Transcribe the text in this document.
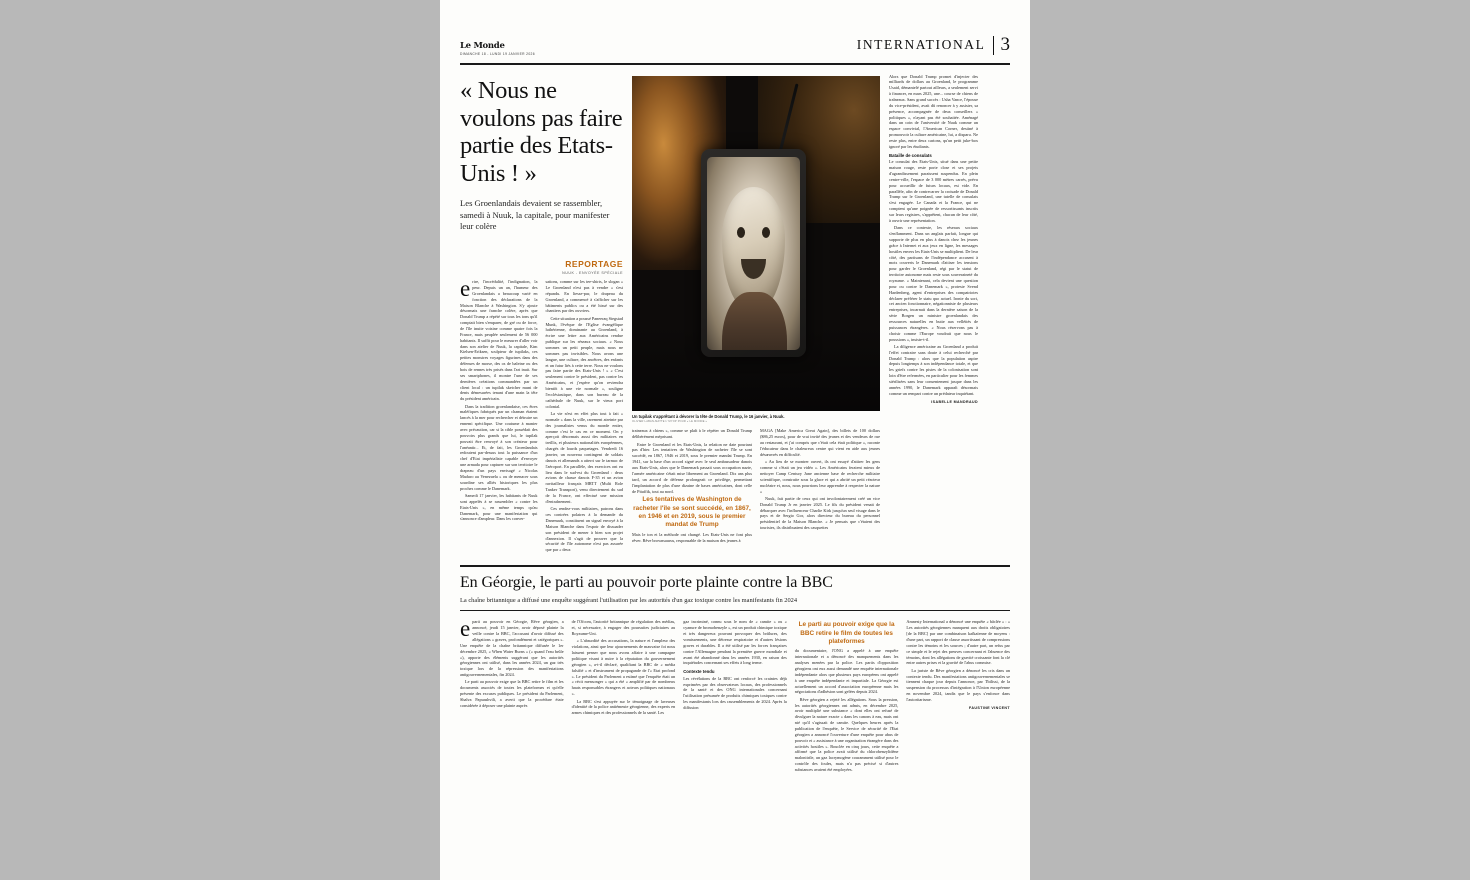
Le Monde
DIMANCHE 18 - LUNDI 19 JANVIER 2026
INTERNATIONAL 3
« Nous ne voulons pas faire partie des Etats-Unis ! »
Les Groenlandais devaient se rassembler, samedi à Nuuk, la capitale, pour manifester leur colère
REPORTAGE
NUUK - ENVOYÉE SPÉCIALE

erire, l'incrédulité, l'indignation, la peur. Depuis un an, l'humeur des Groenlandais a beaucoup varié en fonction des déclarations de la Maison Blanche à Washington. S'y ajoute désormais une franche colère, après que Donald Trump a répété sur tous les tons qu'il comptait bien s'emparer, de gré ou de force, de l'île inuite voisine comme quatre fois la France, mais peuplée seulement de 56 000 habitants. Il suffit pour le mesurer d'aller voir dans son atelier de Nuuk, la capitale, Kim Kielsen-Eriksen, sculpteur de tupilaks, ces petites monstres voyages figurines dans des défenses de morse, des os de baleine ou des bois de rennes très prisés dans l'art inuit. Sur ses smartphones, il montre l'une de ses dernières créations commandées par un client local : un tupilak sketcher muni de dents démesurées tenant d'une main la tête du président américain.

Dans la tradition groenlandaise, ces êtres maléfiques fabriqués par un chaman étaient lancés à la mer pour rechercher et détruire un ennemi spécifique. Une coutume à manier avec précaution, car si la cible possédait des pouvoirs plus grands que lui, le tupilak pouvait être renvoyé à son créateur pour l'anéantir... Et, de fait, les Groenlandais redoutent par-dessus tout la puissance d'un chef d'Etat impérialiste capable d'envoyer une armada pour capturer sur son territoire le drapeau d'un pays envisagé « Nicolas Maduro au Venezuela » ou de menacer sous sourdine ses alliés historiques les plus proches comme le Danemark.

Samedi 17 janvier, les habitants de Nuuk sont appelés à se rassembler « contre les Etats-Unis », en même temps qu'au Danemark, pour une manifestation qui s'annonce d'ampleur. Dans les conver-

sations, comme sur les tee-shirts, le slogan « Le Groenland n'est pas à vendre » s'est répandu. En liesse-pur, le drapeau du Groenland, a commencé à s'afficher sur les bâtiments publics ou a été hissé sur des chantiers par des ouvriers.

Cette situation a poussé Paneeraq Siegstad Munk, l'évêque de l'Eglise évangélique luthérienne, dominante au Groenland, à écrire une lettre aux Américains rendue publique sur les réseaux sociaux. « Nous sommes un petit peuple, mais nous ne sommes pas invisibles. Nous avons une langue, une culture, des ancêtres, des enfants et un futur liés à cette terre. Nous ne voulons pas faire partie des Etats-Unis ! » « C'est seulement contre le président, pas contre les Américains, et j'espère qu'on reviendra bientôt à une vie normale », souligne l'ecclésiastique, dans son bureau de la cathédrale de Nuuk, sur le vieux port colonial.

La vie n'est en effet plus tout à fait « normale » dans la ville, rarement atreinte par des journalistes venus du monde entier, comme c'est le cas en ce moment. On y aperçoit désormais aussi des militaires en treillis, et plusieurs nationalités européennes, chargés de lourds paquetages. Vendredi 16 janvier, un nouveau contingent de soldats danois et allemands a atterri sur le tarmac de l'aéroport. En parallèle, des exercices ont eu lieu dans le sud-est du Groenland : deux avions de chasse danois F-35 et un avion ravitailleur français MRTT (Multi Role Tanker Transport), venu directement du sud de la France, ont effectué une mission d'entraînement.

Ces rendez-vous militaires, patrons dans ces contrées polaires à la demande du Danemark, constituent un signal envoyé à la Maison Blanche dans l'espoir de dissuader son président de mener à bien son projet d'annexion. Il s'agit de prouver que la sécurité de l'île autonome n'est pas assurée que par « deux

Un tupilak s'apprêtant à dévorer la tête de Donald Trump, le 16 janvier, à Nuuk.
OLIVIER LABAN-MATTEI / MYOP POUR « LE MONDE »

traineaux à chiens », comme se plaît à le répéter un Donald Trump délibérément méprisant.

Entre le Groenland et les Etats-Unis, la relation ne date pourtant pas d'hier. Les tentatives de Washington de racheter l'île se sont succédé, en 1867, 1946 et 2019, sous le premier mandat Trump. En 1941, sur la base d'un accord signé avec le seul ambassadeur danois aux Etats-Unis, alors que le Danemark passait sous occupation nazie, l'armée américaine s'était mise librement au Groenland. Dix ans plus tard, un accord de défense prolongeait ce privilège, permettant l'implantation de plus d'une dizaine de bases américaines, dont celle de Pituffik, tout au nord.

Les tentatives de Washington de racheter l'île se sont succédé, en 1867, en 1946 et en 2019, sous le premier mandat de Trump

Mais le ton et la méthode ont changé. Les Etats-Unis ne font plus rêver. Rêve brownsaurus, responsable de la maison des jeunes à

MAGA [Make America Great Again], des billets de 100 dollars ($86,25 euros), pour de vrai invité des jeunes et des vendeurs de rue au restaurant, et j'ai compris que c'était cela était politique », raconte l'éducateur dans le chaleureux centre qui vient en aide aux jeunes désœuvrés en difficulté.

« Au lieu de se montrer ouvert, ils ont essayé d'attirer les gens comme si c'était un jeu vidéo ». Les Américains feraient mieux de nettoyer Camp Century June ancienne base de recherche militaire scientifique, construite sous la glace et qui a abrité un petit réacteur nucléaire et, nous, nous pourrions leur apprendre à respecter la nature »

Nuuk, fait partie de ceux qui ont involontairement créé un vice Donald Trump Jr en janvier 2025. Le fils du président venait de débarquer avec l'influenceur Charlie Kirk jusqu'un seul visage dans le pays et de Sergio Gor, alors directeur du bureau du personnel présidentiel de la Maison Blanche. « Je pensais que c'étaient des touristes, ils distribuaient des casquettes

Alors que Donald Trump promet d'injecter des milliards de dollars au Groenland, le programme Usaid, démantelé partout ailleurs, a seulement servi à financer, en mars 2025, une... course de chiens de traîneaux. Sans grand succès : Usha Vance, l'épouse du vice-président, avait dû renoncer à y assister, sa présence, accompagnée de deux conseillers « politiques », n'ayant pas été souhaitée. Aménagé dans un coin de l'université de Nuuk comme un espace convivial, l'American Corner, destiné à promouvoir la culture américaine, lui, a disparu. Ne reste plus, entre deux carions, qu'un petit juke-box ignoré par les étudiants.

Bataille de consulats

Le consulat des Etats-Unis, situé dans une petite maison rouge, reste porte close et ses projets d'agrandissement paraissent suspendus. En plein centre-ville, l'espace de 3 000 mètres carrés, prévu pour accueillir de futurs locaux, est vide. En parallèle, afin de contrecarrer la croisade de Donald Trump sur le Groenland, une tutelle de consulats s'est engagée. Le Canada et la France, qui ne comptent qu'une poignée de ressortissants inscrits sur leurs registres, s'apprêtent, chacun de leur côté, à ouvrir une représentation.

Dans ce contexte, les réseaux sociaux s'enflamment. Dans un anglais parfait, longue qui supporte de plus en plus à danois chez les jeunes grâce à Internet et aux jeux en ligne, les messages hostiles envers les Etats-Unis se multiplient. De leur côté, des partisans de l'indépendance accusent à mots couverts le Danemark d'attiser les tensions pour garder le Groenland, régi par le statut de territoire autonome mais reste sous souveraineté du royaume. « Maintenant, cela devient une question pour ou contre le Danemark », proteste Svend Hardenberg, agent d'entreprises des compatriotes déclarer préférer le statu quo actuel. Ironie du sort, cet ancien fonctionnaire, négationniste de plusieurs entreprises, incarnait dans la dernière saison de la série Borgen un ministre groenlandais des ressources naturelles en butte aux velléités de puissances étrangères. « Nous réservons pas à choisir comme l'Europe voudrait que nous le poussions », insiste-t-il.

La diligence américaine au Groenland a produit l'effet contraire sans doute à celui recherché par Donald Trump : alors que la population aspire depuis longtemps à son indépendance totale, et que les griefs contre les pistes de la colonisation sont loin d'être refermées, en particulier pour les femmes stérilisées sans leur consentement jusque dans les années 1990, le Danemark apparaît désormais comme un rempart contre un prédateur inquiétant.

ISABELLE MANDRAUD
En Géorgie, le parti au pouvoir porte plainte contre la BBC
La chaîne britannique a diffusé une enquête suggérant l'utilisation par les autorités d'un gaz toxique contre les manifestants fin 2024

eparti au pouvoir en Géorgie, Rêve géorgien, a annoncé, jeudi 15 janvier, avoir déposé plainte la veille contre la BBC, l'accusant d'avoir diffusé des allégations « graves, profondément et catégoriques ». Une enquête de la chaîne britannique diffusée le 1er décembre 2025, « When Water Burns » (« quand l'eau brûle »), apporte des éléments suggérant que les autorités géorgiennes ont utilisé, dans les années 2024, un gaz très toxique lors de la répression des manifestations antigouvernementales, fin 2024.

Le parti au pouvoir exige que la BBC retire le film et les documents associés de toutes les plateformes et qu'elle présente des excuses publiques. Le président du Parlement, Shalva Papuashvili, a averti que la procédure étaie considérée à déposer une plainte auprès

de l'Ofcom, l'autorité britannique de régulation des médias, et, si nécessaire, à engager des poursuites judiciaires au Royaume-Uni.

« L'absurdité des accusations, la nature et l'ampleur des violations, ainsi que leur ajournements de mauvaise foi nous laissent penser que nous avons affaire à une campagne politique visant à nuire à la réputation du gouvernement géorgien », a-t-il déclaré, qualifiant la BBC de « média falsifié » et d'instrument de propagande de l'« Etat profond ». Le président du Parlement a estimé que l'enquête était un « récit mensonger » qui a été « amplifié par de nombreux hauts responsables étrangers et acteurs politiques nationaux ».

La BBC s'est appuyée sur le témoignage de laveuses d'identité de la police antiémeute géorgienne, des experts en armes chimiques et des professionnels de la santé. Les

gaz incriminé, connu sous le nom de « camite » ou « cyanure de bromobenzyle », est un produit chimique toxique et très dangereux pouvant provoquer des brûlures, des vomissements, une détresse respiratoire et d'autres lésions graves et durables. Il a été utilisé par les forces françaises contre l'Allemagne pendant la première guerre mondiale et avant été abandonné dans les années 1930, en raison des inquiétudes concernant ses effets à long terme.

Contexte tendu

Les révélations de la BBC ont renforcé les craintes déjà exprimées par des observateurs locaux, des professionnels de la santé et des ONG internationales concernant l'utilisation présumée de produits chimiques toxiques contre les manifestants lors des rassemblements de 2024. Après la diffusion

Le parti au pouvoir exige que la BBC retire le film de toutes les plateformes

du documentaire, l'ONG a appelé à une enquête internationale et a dénoncé des manquements dans les analyses menées par la police. Les partis d'opposition géorgiens ont eux aussi demandé une enquête internationale indépendante alors que plusieurs pays européens ont appelé à une enquête indépendante et impartiale. La Géorgie est actuellement un accord d'association européenne mais les négociations d'adhésion sont gelées depuis 2024.

Rêve géorgien a rejeté les allégations. Sous la pression, les autorités géorgiennes ont admis, en décembre 2025, avoir multiplié une substance « dont elles ont refusé de divulguer la nature exacte » dans les canons à eau, mais ont nié qu'il s'agissait de camite. Quelques heures après la publication de l'enquête, le Service de sécurité de l'Etat géorgien a annoncé l'ouverture d'une enquête pour abus de pouvoir et « assistance à une organisation étrangère dans des activités hostiles ». Bouclée en cinq jours, cette enquête a affirmé que la police avait utilisé du chlorobenzylidène malonitrile, un gaz lacrymogène couramment utilisé pour le contrôle des foules, mais n'a pas précisé si d'autres substances avaient été employées.

Amnesty International a dénoncé une enquête « bâclée » : « Les autorités géorgiennes manquent aux droits obligatoires [de la BBC] par une combinaison kafkaïenne de moyens : d'une part, un rapport de clause assortissant de compressions contre les témoins et les sources ; d'autre part, un refus par ce simple et le rejet des preuves concernant et l'absence des témoins, dont les allégations de gravité croissante font la clé entre autres prises et la gravité de l'abus commise.

La juriste de Rêve géorgien a dénoncé les cris dans un contexte tendu. Des manifestations antigouvernementales se tiennent chaque jour depuis l'annonce, par Tbilissi, de la suspension du processus d'intégration à l'Union européenne en novembre 2024, tandis que le pays s'enfonce dans l'autoritarisme.

FAUSTINE VINCENT
